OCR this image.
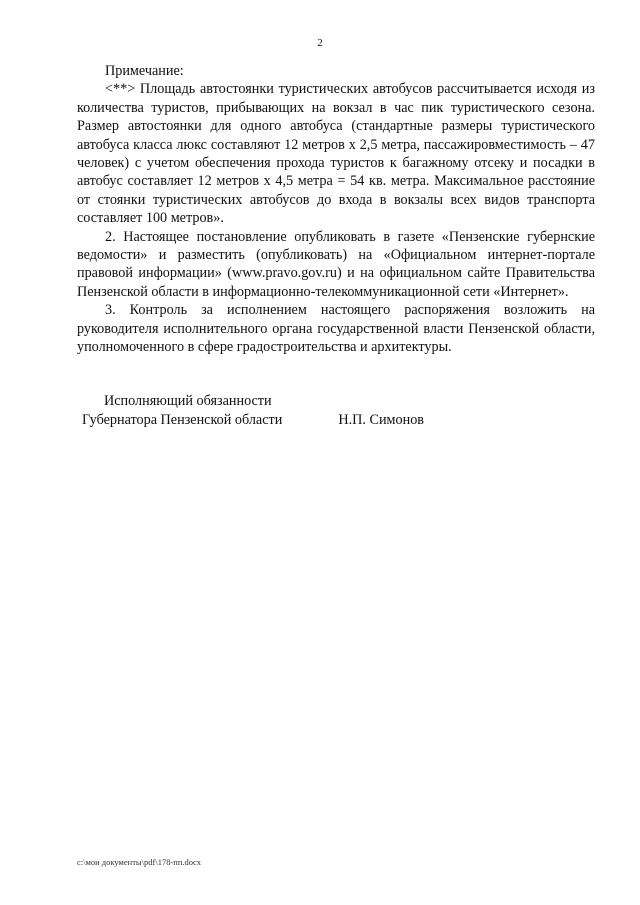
2

Примечание:

<**> Площадь автостоянки туристических автобусов рассчитывается исходя из количества туристов, прибывающих на вокзал в час пик туристического сезона. Размер автостоянки для одного автобуса (стандартные размеры туристического автобуса класса люкс составляют 12 метров x 2,5 метра, пассажировместимость – 47 человек) с учетом обеспечения прохода туристов к багажному отсеку и посадки в автобус составляет 12 метров x 4,5 метра = 54 кв. метра. Максимальное расстояние от стоянки туристических автобусов до входа в вокзалы всех видов транспорта составляет 100 метров».

2. Настоящее постановление опубликовать в газете «Пензенские губернские ведомости» и разместить (опубликовать) на «Официальном интернет-портале правовой информации» (www.pravo.gov.ru) и на официальном сайте Правительства Пензенской области в информационно-телекоммуникационной сети «Интернет».

3. Контроль за исполнением настоящего распоряжения возложить на руководителя исполнительного органа государственной власти Пензенской области, уполномоченного в сфере градостроительства и архитектуры.

Исполняющий обязанности
Губернатора Пензенской области	Н.П. Симонов
c:\мои документы\pdf\178-пп.docx
